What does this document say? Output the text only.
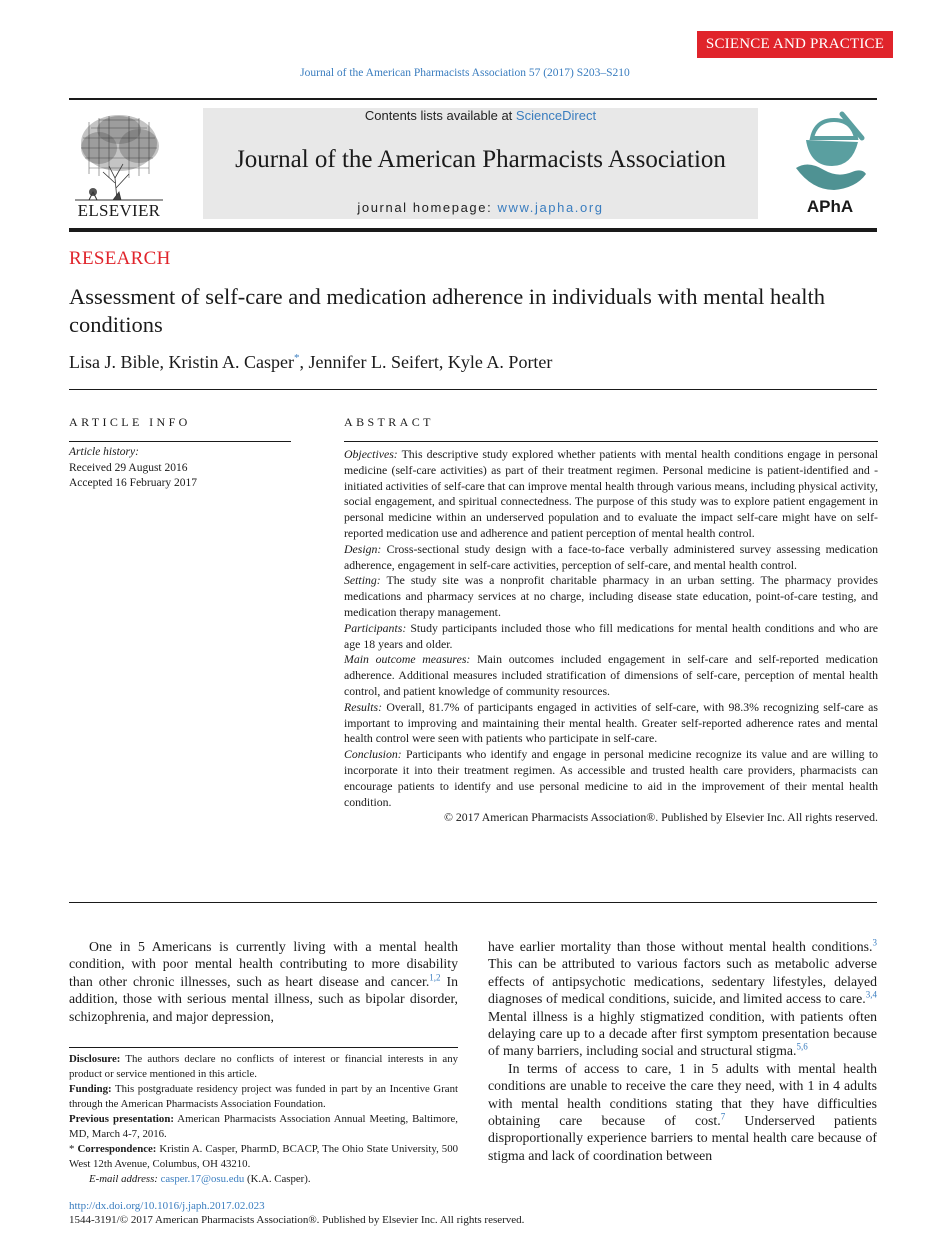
SCIENCE AND PRACTICE
Journal of the American Pharmacists Association 57 (2017) S203–S210
ELSEVIER
Contents lists available at ScienceDirect
Journal of the American Pharmacists Association
journal homepage: www.japha.org	APhA
RESEARCH
Assessment of self-care and medication adherence in individuals with mental health conditions
Lisa J. Bible, Kristin A. Casper*, Jennifer L. Seifert, Kyle A. Porter
ARTICLE INFO
Article history:
Received 29 August 2016
Accepted 16 February 2017
ABSTRACT

Objectives: This descriptive study explored whether patients with mental health conditions engage in personal medicine (self-care activities) as part of their treatment regimen. Personal medicine is patient-identified and -initiated activities of self-care that can improve mental health through various means, including physical activity, social engagement, and spiritual connectedness. The purpose of this study was to explore patient engagement in personal medicine within an underserved population and to evaluate the impact self-care might have on self-reported medication use and adherence and patient perception of mental health control.

Design: Cross-sectional study design with a face-to-face verbally administered survey assessing medication adherence, engagement in self-care activities, perception of self-care, and mental health control.

Setting: The study site was a nonprofit charitable pharmacy in an urban setting. The pharmacy provides medications and pharmacy services at no charge, including disease state education, point-of-care testing, and medication therapy management.

Participants: Study participants included those who fill medications for mental health conditions and who are age 18 years and older.

Main outcome measures: Main outcomes included engagement in self-care and self-reported medication adherence. Additional measures included stratification of dimensions of self-care, perception of mental health control, and patient knowledge of community resources.

Results: Overall, 81.7% of participants engaged in activities of self-care, with 98.3% recognizing self-care as important to improving and maintaining their mental health. Greater self-reported adherence rates and mental health control were seen with patients who participate in self-care.

Conclusion: Participants who identify and engage in personal medicine recognize its value and are willing to incorporate it into their treatment regimen. As accessible and trusted health care providers, pharmacists can encourage patients to identify and use personal medicine to aid in the improvement of their mental health condition.

© 2017 American Pharmacists Association®. Published by Elsevier Inc. All rights reserved.

One in 5 Americans is currently living with a mental health condition, with poor mental health contributing to more disability than other chronic illnesses, such as heart disease and cancer.$^{1,2}$ In addition, those with serious mental illness, such as bipolar disorder, schizophrenia, and major depression,

have earlier mortality than those without mental health conditions.$^3$ This can be attributed to various factors such as metabolic adverse effects of antipsychotic medications, sedentary lifestyles, delayed diagnoses of medical conditions, suicide, and limited access to care.$^{3,4}$ Mental illness is a highly stigmatized condition, with patients often delaying care up to a decade after first symptom presentation because of many barriers, including social and structural stigma.$^{5,6}$

In terms of access to care, 1 in 5 adults with mental health conditions are unable to receive the care they need, with 1 in 4 adults with mental health conditions stating that they have difficulties obtaining care because of cost.$^7$ Underserved patients disproportionally experience barriers to mental health care because of stigma and lack of coordination between

Disclosure: The authors declare no conflicts of interest or financial interests in any product or service mentioned in this article.

Funding: This postgraduate residency project was funded in part by an Incentive Grant through the American Pharmacists Association Foundation.

Previous presentation: American Pharmacists Association Annual Meeting, Baltimore, MD, March 4-7, 2016.

* Correspondence: Kristin A. Casper, PharmD, BCACP, The Ohio State University, 500 West 12th Avenue, Columbus, OH 43210.

E-mail address: casper.17@osu.edu (K.A. Casper).

http://dx.doi.org/10.1016/j.japh.2017.02.023
1544-3191/© 2017 American Pharmacists Association®. Published by Elsevier Inc. All rights reserved.
